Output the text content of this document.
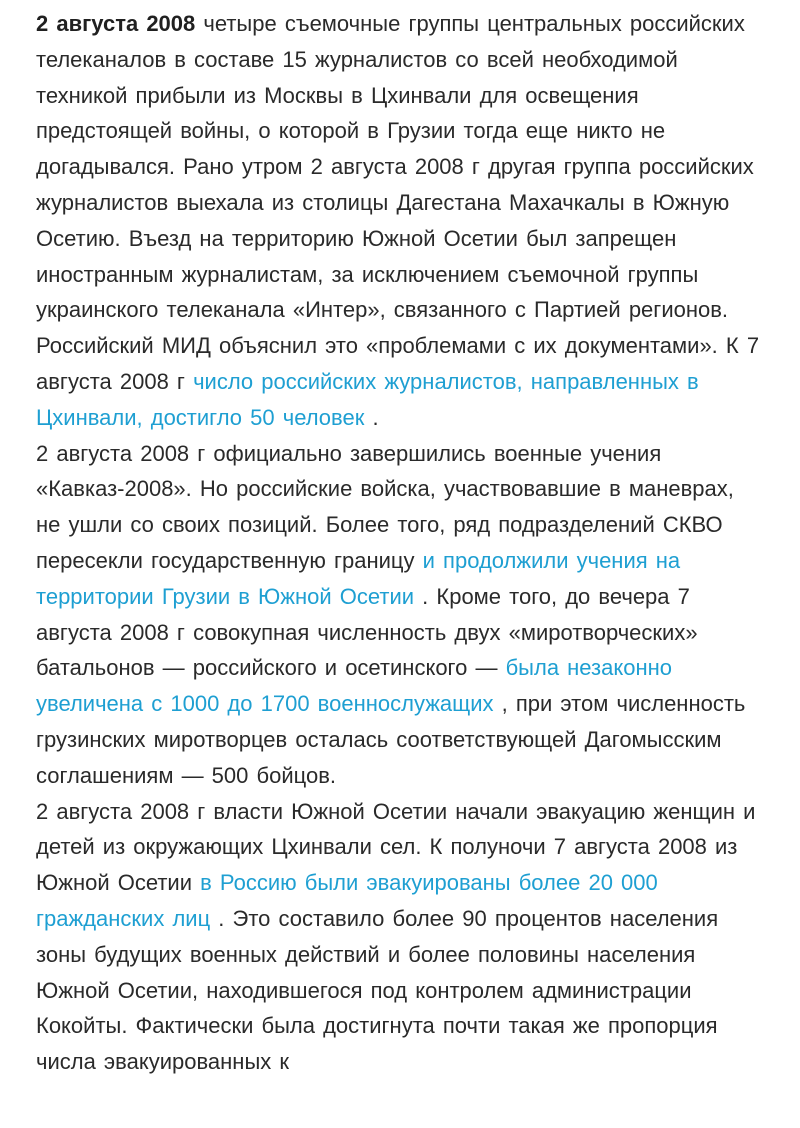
2 августа 2008 четыре съемочные группы центральных российских телеканалов в составе 15 журналистов со всей необходимой техникой прибыли из Москвы в Цхинвали для освещения предстоящей войны, о которой в Грузии тогда еще никто не догадывался. Рано утром 2 августа 2008 г другая группа российских журналистов выехала из столицы Дагестана Махачкалы в Южную Осетию. Въезд на территорию Южной Осетии был запрещен иностранным журналистам, за исключением съемочной группы украинского телеканала «Интер», связанного с Партией регионов. Российский МИД объяснил это «проблемами с их документами». К 7 августа 2008 г число российских журналистов, направленных в Цхинвали, достигло 50 человек .

2 августа 2008 г официально завершились военные учения «Кавказ-2008». Но российские войска, участвовавшие в маневрах, не ушли со своих позиций. Более того, ряд подразделений СКВО пересекли государственную границу и продолжили учения на территории Грузии в Южной Осетии . Кроме того, до вечера 7 августа 2008 г совокупная численность двух «миротворческих» батальонов — российского и осетинского — была незаконно увеличена с 1000 до 1700 военнослужащих , при этом численность грузинских миротворцев осталась соответствующей Дагомысским соглашениям — 500 бойцов.

2 августа 2008 г власти Южной Осетии начали эвакуацию женщин и детей из окружающих Цхинвали сел. К полуночи 7 августа 2008 из Южной Осетии в Россию были эвакуированы более 20 000 гражданских лиц . Это составило более 90 процентов населения зоны будущих военных действий и более половины населения Южной Осетии, находившегося под контролем администрации Кокойты. Фактически была достигнута почти такая же пропорция числа эвакуированных к
